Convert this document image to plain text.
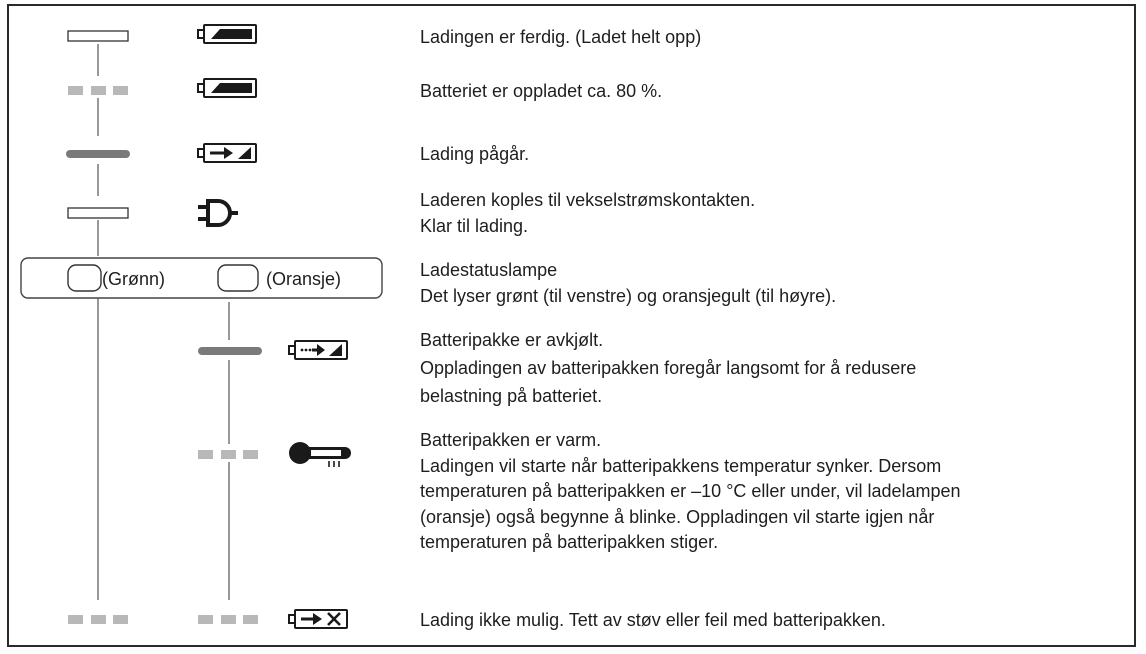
(Grønn)	(Oransje)

Ladingen er ferdig. (Ladet helt opp)

Batteriet er oppladet ca. 80 %.

Lading pågår.

Laderen koples til vekselstrømskontakten.
Klar til lading.

Ladestatuslampe
Det lyser grønt (til venstre) og oransjegult (til høyre).

Batteripakke er avkjølt.
Oppladingen av batteripakken foregår langsomt for å redusere
belastning på batteriet.

Batteripakken er varm.
Ladingen vil starte når batteripakkens temperatur synker. Dersom
temperaturen på batteripakken er –10 °C eller under, vil ladelampen
(oransje) også begynne å blinke. Oppladingen vil starte igjen når
temperaturen på batteripakken stiger.

Lading ikke mulig. Tett av støv eller feil med batteripakken.
